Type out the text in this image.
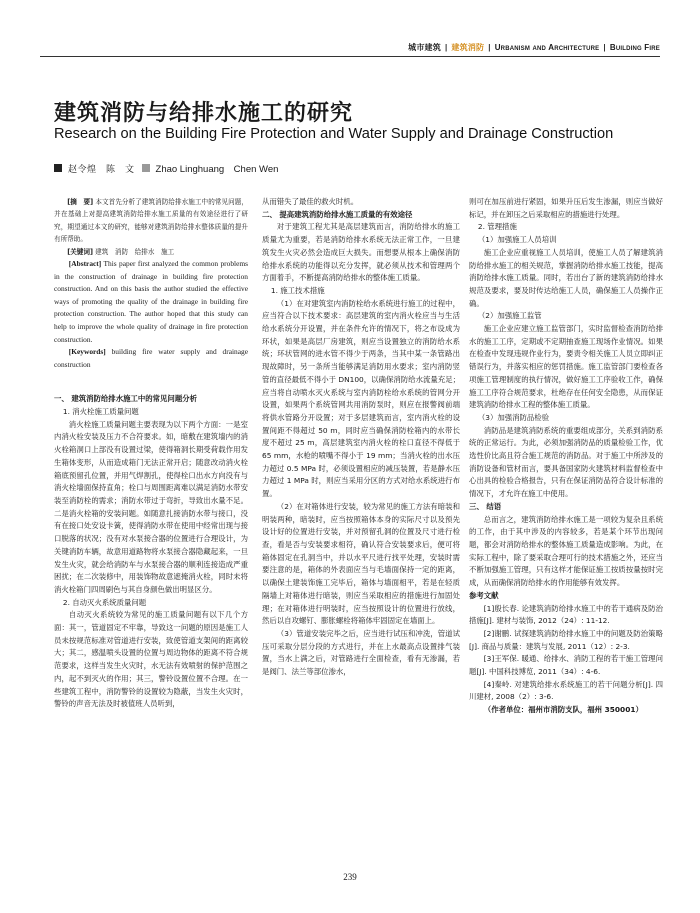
城市建筑 | 建筑消防 | Urbanism and Architecture | Building Fire
建筑消防与给排水施工的研究
Research on the Building Fire Protection and Water Supply and Drainage Construction
赵令煌　陈　文 Zhao Linghuang　Chen Wen

[摘　要] 本文首先分析了建筑消防给排水施工中的常见问题，并在基础上对提高建筑消防给排水施工质量的有效途径进行了研究，期望通过本文的研究，能够对建筑消防给排水整体质量的提升有所帮助。

[关键词] 建筑　消防　给排水　施工

[Abstract] This paper first analyzed the common problems in the construction of drainage in building fire protection construction. And on this basis the author studied the effective ways of promoting the quality of the drainage in building fire protection construction. The author hoped that this study can help to improve the whole quality of drainage in fire protection construction.

[Keywords] building fire water supply and drainage construction

一、 建筑消防给排水施工中的常见问题分析

1. 消火栓施工质量问题

消火栓施工质量问题主要表现为以下两个方面：一是室内消火栓安装及压力不合符要求。如，暗敷在建筑墙内的消火栓箱洞口上部没有设置过梁，使得箱洞长期受荷载作用发生箱体变形，从而造成箱门无法正常开启；随意改动消火栓箱底预留孔位置，并用气焊割孔，使得栓口出水方向没有与消火栓墙面保持直角；栓口与周围距离难以满足消防水带安装至消防栓的需求；消防水带过于弯折，导致出水量不足。二是消火栓箱的安装问题。如随意扎接消防水带与接口，没有在接口处安设卡簧，使得消防水带在使用中经常出现与接口脱落的状况；没有对水泵接合器的位置进行合理设计，为关键消防车辆，故意用道路物将水泵接合器隐藏起来，一旦发生火灾，就会给消防车与水泵接合器的顺利连接造成严重困扰；在二次装修中，用装饰物故意遮掩消火栓，同时未将消火栓箱门四周刷色与其自身颜色做出明显区分。

2. 自动灭火系统质量问题

自动灭火系统较为常见的施工质量问题有以下几个方面：其一，管道固定不牢靠，导致这一问题的原因是施工人员未按规范标准对管道进行安装，致使管道支架间的距离较大；其二，感温喷头设置的位置与周边物体的距离不符合规范要求，这样当发生火灾时，水无法有效喷射的保护范围之内，起不到灭火的作用；其三，警铃设置位置不合理。在一些建筑工程中，消防警铃的设置较为隐蔽，当发生火灾时，警铃的声音无法及时被值班人员听到，

从而错失了最佳的救火时机。

二、 提高建筑消防给排水施工质量的有效途径

对于建筑工程尤其是高层建筑而言，消防给排水的施工质量尤为重要，若是消防给排水系统无法正常工作，一旦建筑发生火灾必然会造成巨大损失。而想要从根本上确保消防给排水系统的功能得以充分发挥，就必须从技术和管理两个方面着手，不断提高消防给排水的整体施工质量。

1. 施工技术措施

（1）在对建筑室内消防栓给水系统进行施工的过程中，应当符合以下技术要求：高层建筑的室内消火栓应当与生活给水系统分开设置，并在条件允许的情况下，将之布设成为环状，如果是高层厂房建筑，则应当设置独立的消防给水系统；环状管网的进水管不得少于两条，当其中某一条管路出现故障时，另一条所当能够满足消防用水要求；室内消防竖管的直径最低不得小于 DN100，以确保消防给水流量充足；应当将自动喷水灭火系统与室内消防栓给水系统的管网分开设置，如果两个系统管网共用消防泵时，则应在报警阀前端将供水管路分开设置；对于多层建筑而言，室内消火栓的设置间距不得超过 50 m，同时应当确保消防栓箱内的水带长度不超过 25 m，高层建筑室内消火栓的栓口直径不得低于 65 mm，水枪的喷嘴不得小于 19 mm；当消火栓的出水压力超过 0.5 MPa 时，必须设置相应的减压装置，若是静水压力超过 1 MPa 时，则应当采用分区的方式对给水系统进行布置。

（2）在对箱体进行安装，较为常见的施工方法有暗装和明装两种，暗装时，应当按照箱体本身的实际尺寸以及预先设计好的位置进行安装，并对预留孔洞的位置及尺寸进行检查，看是否与安装要求相符，确认符合安装要求后，便可将箱体固定在孔洞当中，并以水平尺进行找平处理，安装时需要注意的是，箱体的外表面应当与毛墙面保持一定的距离，以确保土建装饰施工完毕后，箱体与墙面相平，若是在轻质隔墙上对箱体进行暗装，则应当采取相应的措施进行加固处理；在对箱体进行明装时，应当按照设计的位置进行放线，然后以自攻螺钉、膨胀螺栓将箱体牢固固定在墙面上。

（3）管道安装完毕之后，应当进行试压和冲洗，管道试压可采取分层分段的方式进行，并在上水最高点设置排气装置，当水上满之后，对管路进行全面检查，看有无渗漏，若是阀门、法兰等部位渗水，

则可在加压前进行紧固，如果升压后发生渗漏，则应当做好标记，并在卸压之后采取相应的措施进行处理。

2. 管理措施

（1）加强施工人员培训

施工企业应重视施工人员培训，使施工人员了解建筑消防给排水施工的相关规范，掌握消防给排水施工技能，提高消防给排水施工质量。同时，若出台了新的建筑消防给排水规范及要求，要及时传达给施工人员，确保施工人员操作正确。

（2）加强施工监管

施工企业应建立施工监管部门，实时监督检查消防给排水的施工工序，定期或不定期抽查施工现场作业情况。如果在检查中发现违规作业行为，要责令相关施工人员立即纠正错误行为，并落实相应的惩罚措施。施工监管部门要检查各项施工管理制度的执行情况，做好施工工序验收工作，确保施工工序符合规范要求，杜绝存在任何安全隐患，从而保证建筑消防给排水工程的整体施工质量。

（3）加强消防品检验

消防品是建筑消防系统的重要组成部分，关系到消防系统的正常运行。为此，必须加强消防品的质量检验工作，优选性价比高且符合施工规范的消防品。对于施工中所涉及的消防设备和管材而言，要具备国家防火建筑材料监督检查中心出具的检验合格报告，只有在保证消防品符合设计标准的情况下，才允许在施工中使用。

三、 结语

总而言之，建筑消防给排水施工是一项较为复杂且系统的工作，由于其中涉及的内容较多，若是某个环节出现问题，都会对消防给排水的整体施工质量造成影响。为此，在实际工程中，除了要采取合理可行的技术措施之外，还应当不断加强施工管理，只有这样才能保证施工按质按量按时完成，从而确保消防给排水的作用能够有效发挥。

参考文献

[1]殷长春. 论建筑消防给排水施工中的若干通病及防治措施[J]. 建材与装饰, 2012（24）: 11-12.

[2]谢鹏. 试探建筑消防给排水施工中的问题及防治策略[J]. 商品与质量：建筑与发展, 2011（12）: 2-3.

[3]王军保. 暖通、给排水、消防工程的若干施工管理问题[J]. 中国科技博览, 2011（34）: 4-6.

[4]秦岭. 对建筑给排水系统施工的若干问题分析[J]. 四川建材, 2008（2）: 3-6.

（作者单位：福州市消防支队，福州 350001）

239
